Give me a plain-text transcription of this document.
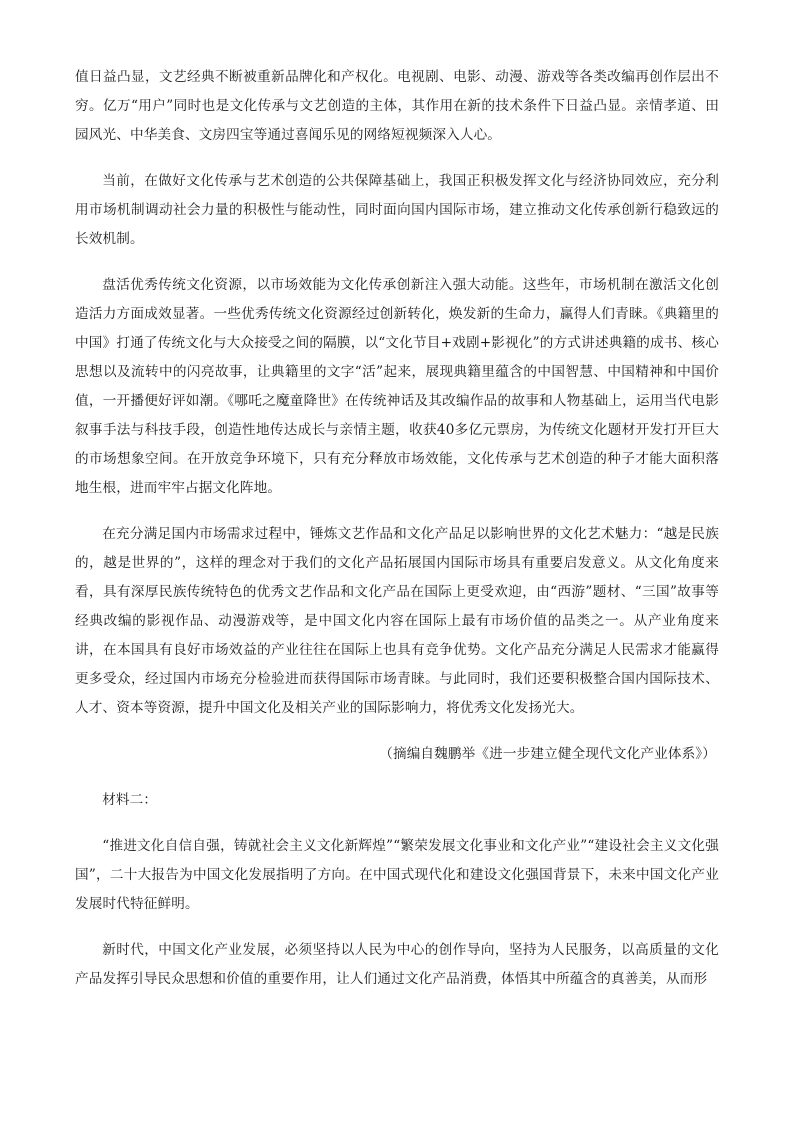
值日益凸显，文艺经典不断被重新品牌化和产权化。电视剧、电影、动漫、游戏等各类改编再创作层出不穷。亿万“用户”同时也是文化传承与文艺创造的主体，其作用在新的技术条件下日益凸显。亲情孝道、田园风光、中华美食、文房四宝等通过喜闻乐见的网络短视频深入人心。

当前，在做好文化传承与艺术创造的公共保障基础上，我国正积极发挥文化与经济协同效应，充分利用市场机制调动社会力量的积极性与能动性，同时面向国内国际市场，建立推动文化传承创新行稳致远的长效机制。

盘活优秀传统文化资源，以市场效能为文化传承创新注入强大动能。这些年，市场机制在激活文化创造活力方面成效显著。一些优秀传统文化资源经过创新转化，焕发新的生命力，赢得人们青睐。《典籍里的中国》打通了传统文化与大众接受之间的隔膜，以“文化节目+戏剧+影视化”的方式讲述典籍的成书、核心思想以及流转中的闪亮故事，让典籍里的文字“活”起来，展现典籍里蕴含的中国智慧、中国精神和中国价值，一开播便好评如潮。《哪吒之魔童降世》在传统神话及其改编作品的故事和人物基础上，运用当代电影叙事手法与科技手段，创造性地传达成长与亲情主题，收获40多亿元票房，为传统文化题材开发打开巨大的市场想象空间。在开放竞争环境下，只有充分释放市场效能，文化传承与艺术创造的种子才能大面积落地生根，进而牢牢占据文化阵地。

在充分满足国内市场需求过程中，锤炼文艺作品和文化产品足以影响世界的文化艺术魅力：“越是民族的，越是世界的”，这样的理念对于我们的文化产品拓展国内国际市场具有重要启发意义。从文化角度来看，具有深厚民族传统特色的优秀文艺作品和文化产品在国际上更受欢迎，由“西游”题材、“三国”故事等经典改编的影视作品、动漫游戏等，是中国文化内容在国际上最有市场价值的品类之一。从产业角度来讲，在本国具有良好市场效益的产业往往在国际上也具有竞争优势。文化产品充分满足人民需求才能赢得更多受众，经过国内市场充分检验进而获得国际市场青睐。与此同时，我们还要积极整合国内国际技术、人才、资本等资源，提升中国文化及相关产业的国际影响力，将优秀文化发扬光大。

（摘编自魏鹏举《进一步建立健全现代文化产业体系》）

材料二：

“推进文化自信自强，铸就社会主义文化新辉煌”“繁荣发展文化事业和文化产业”“建设社会主义文化强国”，二十大报告为中国文化发展指明了方向。在中国式现代化和建设文化强国背景下，未来中国文化产业发展时代特征鲜明。

新时代，中国文化产业发展，必须坚持以人民为中心的创作导向，坚持为人民服务，以高质量的文化产品发挥引导民众思想和价值的重要作用，让人们通过文化产品消费，体悟其中所蕴含的真善美，从而形
